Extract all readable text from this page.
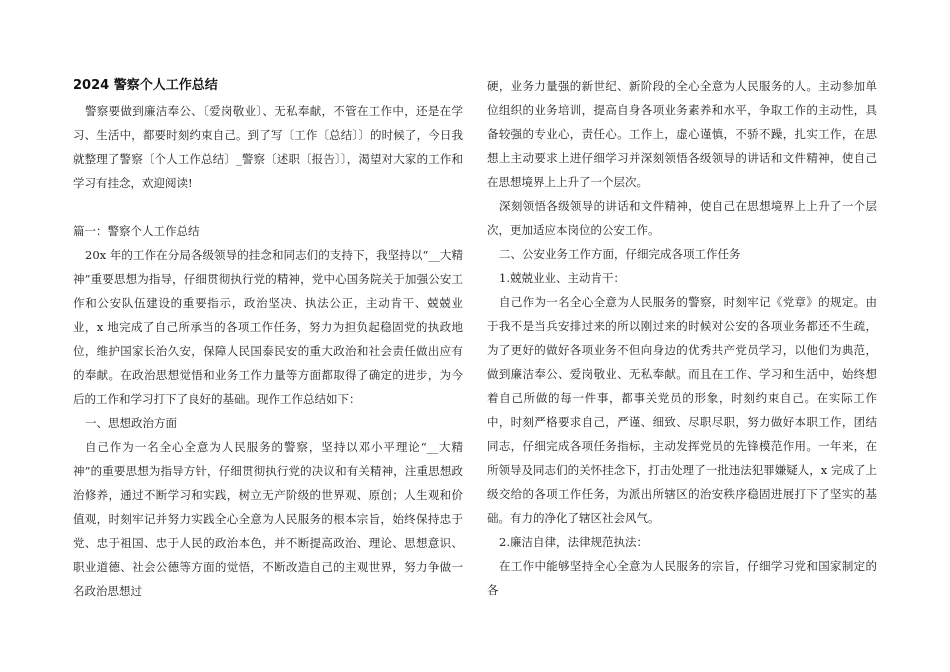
2024 警察个人工作总结

警察要做到廉洁奉公、〔爱岗敬业〕、无私奉献，不管在工作中，还是在学习、生活中，都要时刻约束自己。到了写〔工作〔总结〕〕的时候了，今日我就整理了警察〔个人工作总结〕_警察〔述职〔报告〕〕，渴望对大家的工作和学习有挂念，欢迎阅读!

篇一：警察个人工作总结

20x 年的工作在分局各级领导的挂念和同志们的支持下，我坚持以“__大精神”重要思想为指导，仔细贯彻执行党的精神，党中心国务院关于加强公安工作和公安队伍建设的重要指示，政治坚决、执法公正，主动肯干、兢兢业业，x 地完成了自己所承当的各项工作任务，努力为担负起稳固党的执政地位，维护国家长治久安，保障人民国泰民安的重大政治和社会责任做出应有的奉献。在政治思想觉悟和业务工作力量等方面都取得了确定的进步，为今后的工作和学习打下了良好的基础。现作工作总结如下：

一、思想政治方面

自己作为一名全心全意为人民服务的警察，坚持以邓小平理论“__大精神”的重要思想为指导方针，仔细贯彻执行党的决议和有关精神，注重思想政治修养，通过不断学习和实践，树立无产阶级的世界观、原创；人生观和价值观，时刻牢记并努力实践全心全意为人民服务的根本宗旨，始终保持忠于党、忠于祖国、忠于人民的政治本色，并不断提高政治、理论、思想意识、职业道德、社会公德等方面的觉悟，不断改造自己的主观世界，努力争做一名政治思想过

硬，业务力量强的新世纪、新阶段的全心全意为人民服务的人。主动参加单位组织的业务培训，提高自身各项业务素养和水平，争取工作的主动性，具备较强的专业心，责任心。工作上，虚心谨慎，不骄不躁，扎实工作，在思想上主动要求上进仔细学习并深刻领悟各级领导的讲话和文件精神，使自己在思想境界上上升了一个层次。

深刻领悟各级领导的讲话和文件精神，使自己在思想境界上上升了一个层次，更加适应本岗位的公安工作。

二、公安业务工作方面，仔细完成各项工作任务

1.兢兢业业、主动肯干：

自己作为一名全心全意为人民服务的警察，时刻牢记《党章》的规定。由于我不是当兵安排过来的所以刚过来的时候对公安的各项业务都还不生疏，为了更好的做好各项业务不但向身边的优秀共产党员学习，以他们为典范，做到廉洁奉公、爱岗敬业、无私奉献。而且在工作、学习和生活中，始终想着自己所做的每一件事，都事关党员的形象，时刻约束自己。在实际工作中，时刻严格要求自己，严谨、细致、尽职尽职，努力做好本职工作，团结同志，仔细完成各项任务指标，主动发挥党员的先锋模范作用。一年来，在所领导及同志们的关怀挂念下，打击处理了一批违法犯罪嫌疑人，x 完成了上级交给的各项工作任务，为派出所辖区的治安秩序稳固进展打下了坚实的基础。有力的净化了辖区社会风气。

2.廉洁自律，法律规范执法：

在工作中能够坚持全心全意为人民服务的宗旨，仔细学习党和国家制定的各
